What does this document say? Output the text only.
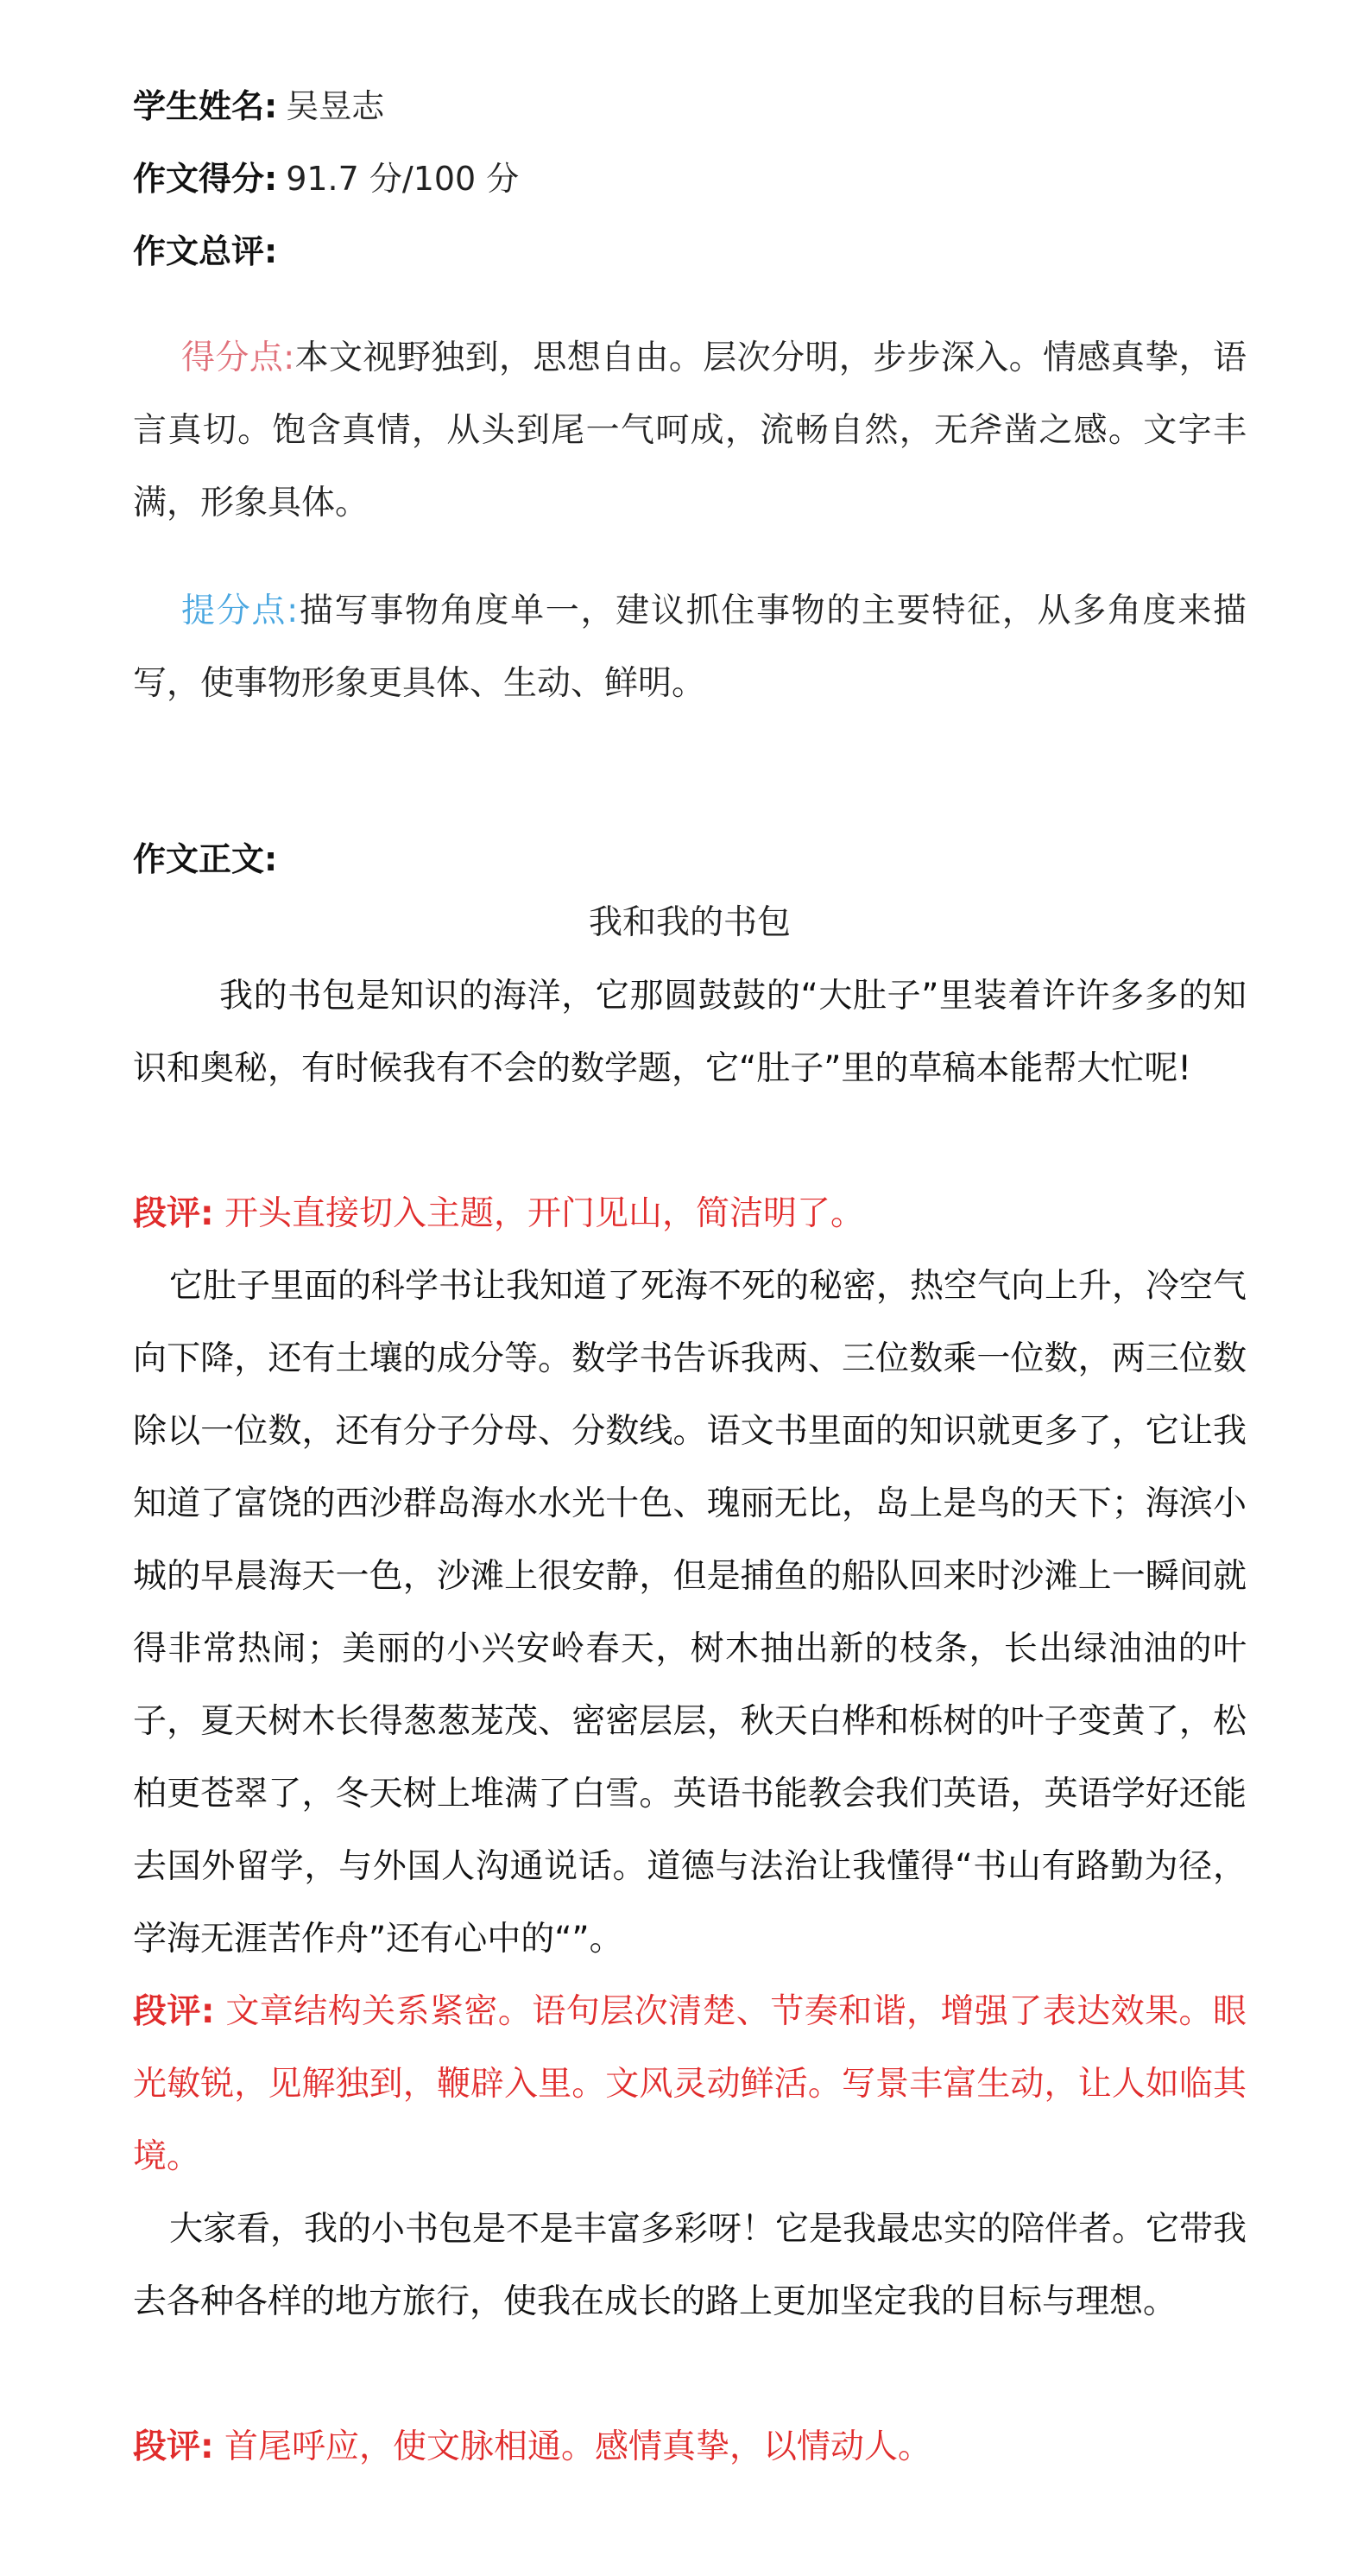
学生姓名: 吴昱志
作文得分: 91.7 分/100 分
作文总评:
得分点:本文视野独到，思想自由。层次分明，步步深入。情感真挚，语言真切。饱含真情，从头到尾一气呵成，流畅自然，无斧凿之感。文字丰满，形象具体。
提分点:描写事物角度单一，建议抓住事物的主要特征，从多角度来描写，使事物形象更具体、生动、鲜明。
作文正文:
我和我的书包
我的书包是知识的海洋，它那圆鼓鼓的“大肚子”里装着许许多多的知识和奥秘，有时候我有不会的数学题，它“肚子”里的草稿本能帮大忙呢!
段评: 开头直接切入主题，开门见山，简洁明了。
它肚子里面的科学书让我知道了死海不死的秘密，热空气向上升，冷空气向下降，还有土壤的成分等。数学书告诉我两、三位数乘一位数，两三位数除以一位数，还有分子分母、分数线。语文书里面的知识就更多了，它让我知道了富饶的西沙群岛海水水光十色、瑰丽无比，岛上是鸟的天下；海滨小城的早晨海天一色，沙滩上很安静，但是捕鱼的船队回来时沙滩上一瞬间就得非常热闹；美丽的小兴安岭春天，树木抽出新的枝条，长出绿油油的叶子，夏天树木长得葱葱茏茂、密密层层，秋天白桦和栎树的叶子变黄了，松柏更苍翠了，冬天树上堆满了白雪。英语书能教会我们英语，英语学好还能去国外留学，与外国人沟通说话。道德与法治让我懂得“书山有路勤为径，学海无涯苦作舟”还有心中的“”。
段评: 文章结构关系紧密。语句层次清楚、节奏和谐，增强了表达效果。眼光敏锐，见解独到，鞭辟入里。文风灵动鲜活。写景丰富生动，让人如临其境。
大家看，我的小书包是不是丰富多彩呀！它是我最忠实的陪伴者。它带我去各种各样的地方旅行，使我在成长的路上更加坚定我的目标与理想。
段评: 首尾呼应，使文脉相通。感情真挚，以情动人。
